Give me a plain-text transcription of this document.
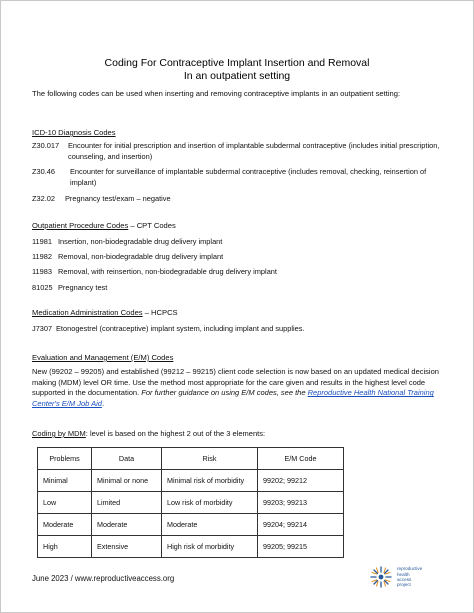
Coding For Contraceptive Implant Insertion and Removal
In an outpatient setting
The following codes can be used when inserting and removing contraceptive implants in an outpatient setting:
ICD-10 Diagnosis Codes
Z30.017	Encounter for initial prescription and insertion of implantable subdermal contraceptive (includes initial prescription, counseling, and insertion)
Z30.46	Encounter for surveillance of implantable subdermal contraceptive (includes removal, checking, reinsertion of implant)
Z32.02	Pregnancy test/exam – negative
Outpatient Procedure Codes – CPT Codes
11981 Insertion, non-biodegradable drug delivery implant
11982 Removal, non-biodegradable drug delivery implant
11983 Removal, with reinsertion, non-biodegradable drug delivery implant
81025 Pregnancy test
Medication Administration Codes – HCPCS
J7307 Etonogestrel (contraceptive) implant system, including implant and supplies.
Evaluation and Management (E/M) Codes
New (99202 – 99205) and established (99212 – 99215) client code selection is now based on an updated medical decision making (MDM) level OR time. Use the method most appropriate for the care given and results in the highest level code supported in the documentation. For further guidance on using E/M codes, see the Reproductive Health National Training Center's E/M Job Aid.
Coding by MDM: level is based on the highest 2 out of the 3 elements:
Problems	Data	Risk	E/M Code
Minimal	Minimal or none	Minimal risk of morbidity	99202; 99212
Low	Limited	Low risk of morbidity	99203; 99213
Moderate	Moderate	Moderate	99204; 99214
High	Extensive	High risk of morbidity	99205; 99215
June 2023 / www.reproductiveaccess.org
reproductive
health
access
project
